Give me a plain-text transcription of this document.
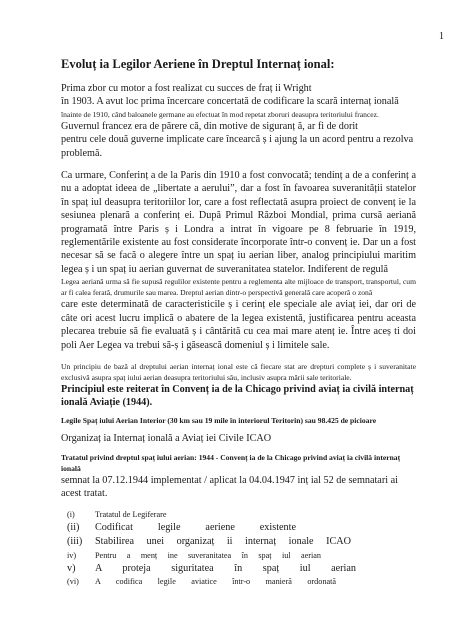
1
Evoluț ia Legilor Aeriene în Dreptul Internaț ional:

Prima zbor cu motor a fost realizat cu succes de fraț ii Wright

în 1903. A avut loc prima încercare concertată de codificare la scară internaț ională

înainte de 1910, când baloanele germane au efectuat în mod repetat zboruri deasupra teritoriului francez.

Guvernul francez era de părere că, din motive de siguranț ă, ar fi de dorit

pentru cele două guverne implicate care încearcă ș i ajung la un acord pentru a rezolva problemă.

Ca urmare, Conferinț a de la Paris din 1910 a fost convocată; tendinț a de a conferinț a nu a adoptat ideea de „libertate a aerului”, dar a fost în favoarea suveranității statelor în spaț iul deasupra teritoriilor lor, care a fost reflectată asupra proiect de convenț ie la sesiunea plenară a conferinț ei. După Primul Război Mondial, prima cursă aeriană programată între Paris ș i Londra a intrat în vigoare pe 8 februarie în 1919, reglementările existente au fost considerate încorporate într-o convenț ie. Dar un a fost necesar să se facă o alegere între un spaț iu aerian liber, analog principiului maritim legea ș i un spaț iu aerian guvernat de suveranitatea statelor. Indiferent de regulă

Legea aeriană urma să fie supusă regulilor existente pentru a reglementa alte mijloace de transport, transportul, cum ar fi calea ferată, drumurile sau marea. Dreptul aerian dintr-o perspectivă generală care acoperă o zonă

care este determinată de caracteristicile ș i cerinț ele speciale ale aviaț iei, dar ori de câte ori acest lucru implică o abatere de la legea existentă, justificarea pentru aceasta plecarea trebuie să fie evaluată ș i cântărită cu cea mai mare atenț ie. Între aceș ti doi poli Aer Legea va trebui să-ș i găsească domeniul ș i limitele sale.

Un principiu de bază al dreptului aerian internaț ional este că fiecare stat are drepturi complete ș i suveranitate exclusivă asupra spaț iului aerian deasupra teritoriului său, inclusiv asupra mării sale teritoriale.

Principiul este reiterat în Convenț ia de la Chicago privind aviaț ia civilă internaț ională Aviație (1944).

Legile Spaț iului Aerian Interior (30 km sau 19 mile în interiorul Teritorin) sau 98.425 de picioare

Organizaț ia Internaț ională a Aviaț iei Civile ICAO

Tratatul privind dreptul spaț iului aerian: 1944 - Convenț ia de la Chicago privind aviaț ia civilă internaț ională

semnat la 07.12.1944 implementat / aplicat la 04.04.1947 inț ial 52 de semnatari ai acest tratat.

(i)	Tratatul de Legiferare
(ii)	Codificat legile aeriene existente
(iii)	Stabilirea unei organizaț ii internaț ionale ICAO
iv)	Pentru a menț ine suveranitatea în spaț iul aerian
v)	A proteja siguritatea în spaț iul aerian
(vi)	A codifica legile aviatice într-o manieră ordonată
